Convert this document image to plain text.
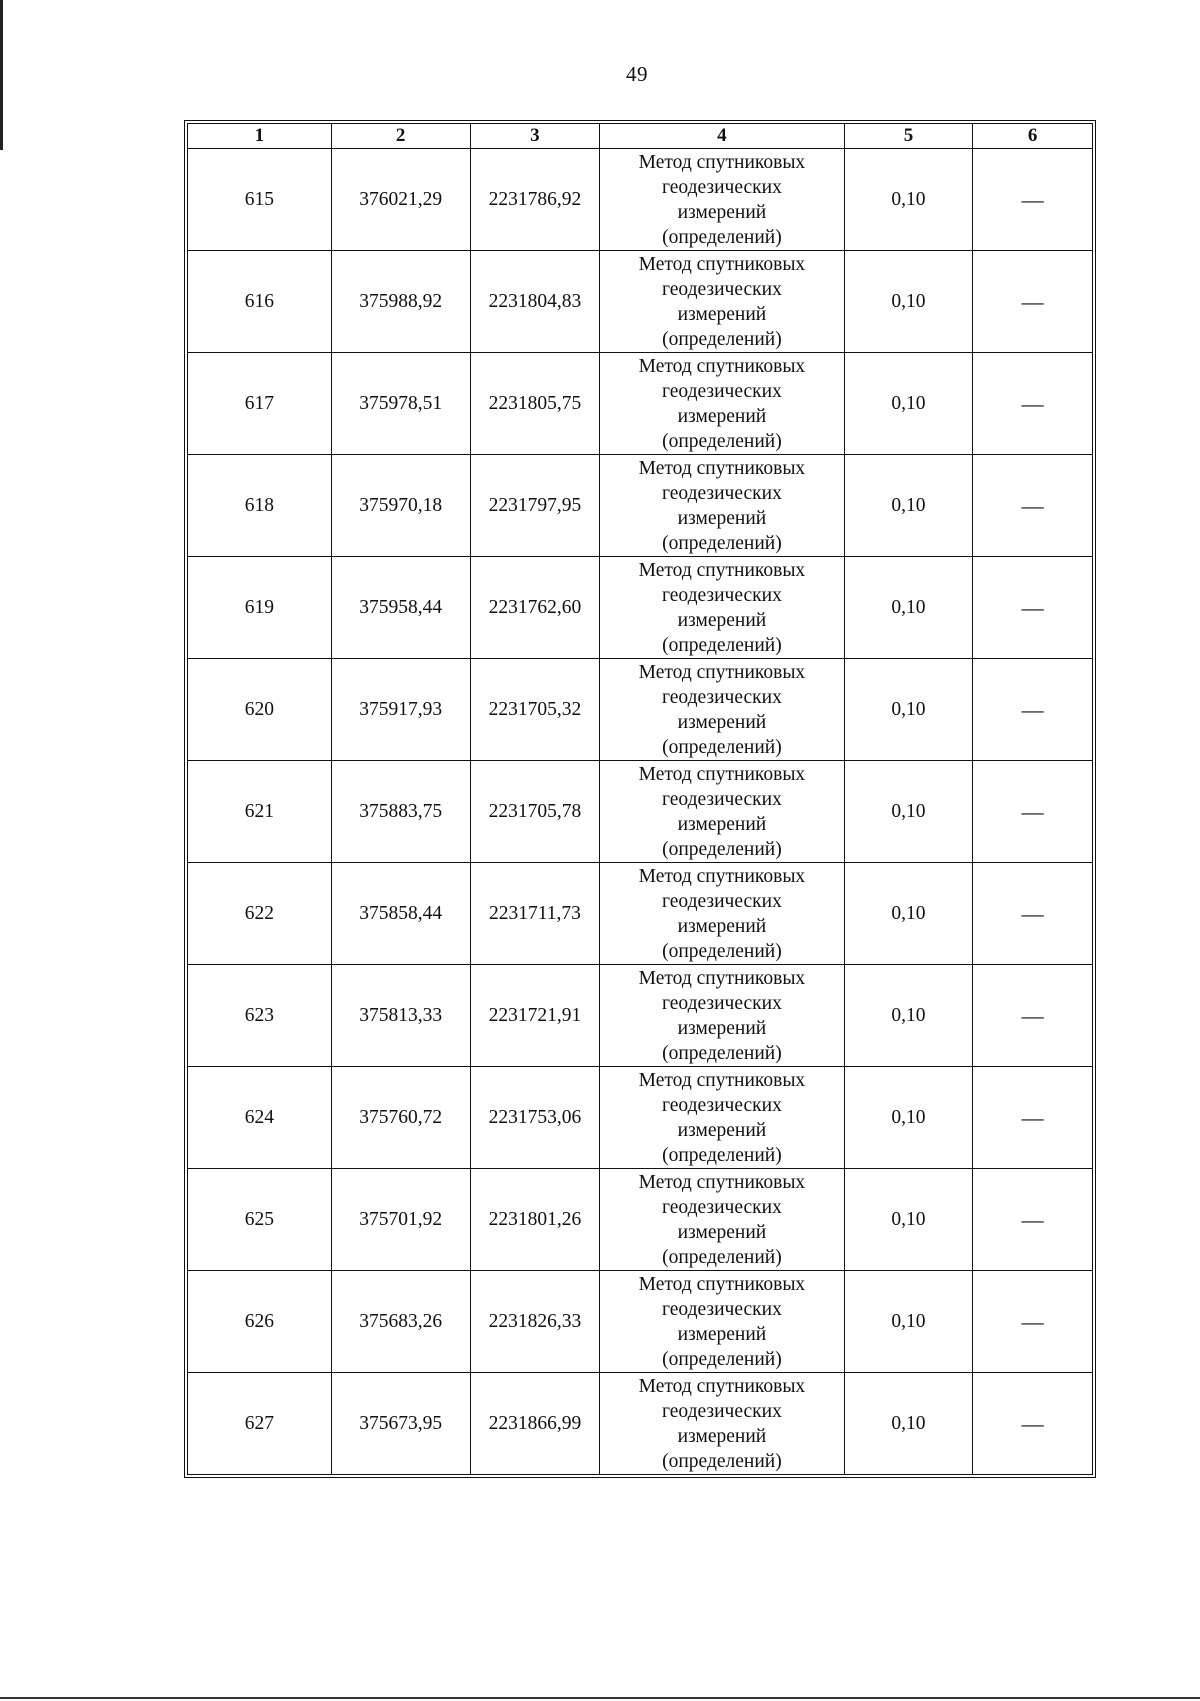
49
1	2	3	4	5	6
615	376021,29	2231786,92	Метод спутниковых
геодезических
измерений
(определений)	0,10	—
616	375988,92	2231804,83	Метод спутниковых
геодезических
измерений
(определений)	0,10	—
617	375978,51	2231805,75	Метод спутниковых
геодезических
измерений
(определений)	0,10	—
618	375970,18	2231797,95	Метод спутниковых
геодезических
измерений
(определений)	0,10	—
619	375958,44	2231762,60	Метод спутниковых
геодезических
измерений
(определений)	0,10	—
620	375917,93	2231705,32	Метод спутниковых
геодезических
измерений
(определений)	0,10	—
621	375883,75	2231705,78	Метод спутниковых
геодезических
измерений
(определений)	0,10	—
622	375858,44	2231711,73	Метод спутниковых
геодезических
измерений
(определений)	0,10	—
623	375813,33	2231721,91	Метод спутниковых
геодезических
измерений
(определений)	0,10	—
624	375760,72	2231753,06	Метод спутниковых
геодезических
измерений
(определений)	0,10	—
625	375701,92	2231801,26	Метод спутниковых
геодезических
измерений
(определений)	0,10	—
626	375683,26	2231826,33	Метод спутниковых
геодезических
измерений
(определений)	0,10	—
627	375673,95	2231866,99	Метод спутниковых
геодезических
измерений
(определений)	0,10	—
